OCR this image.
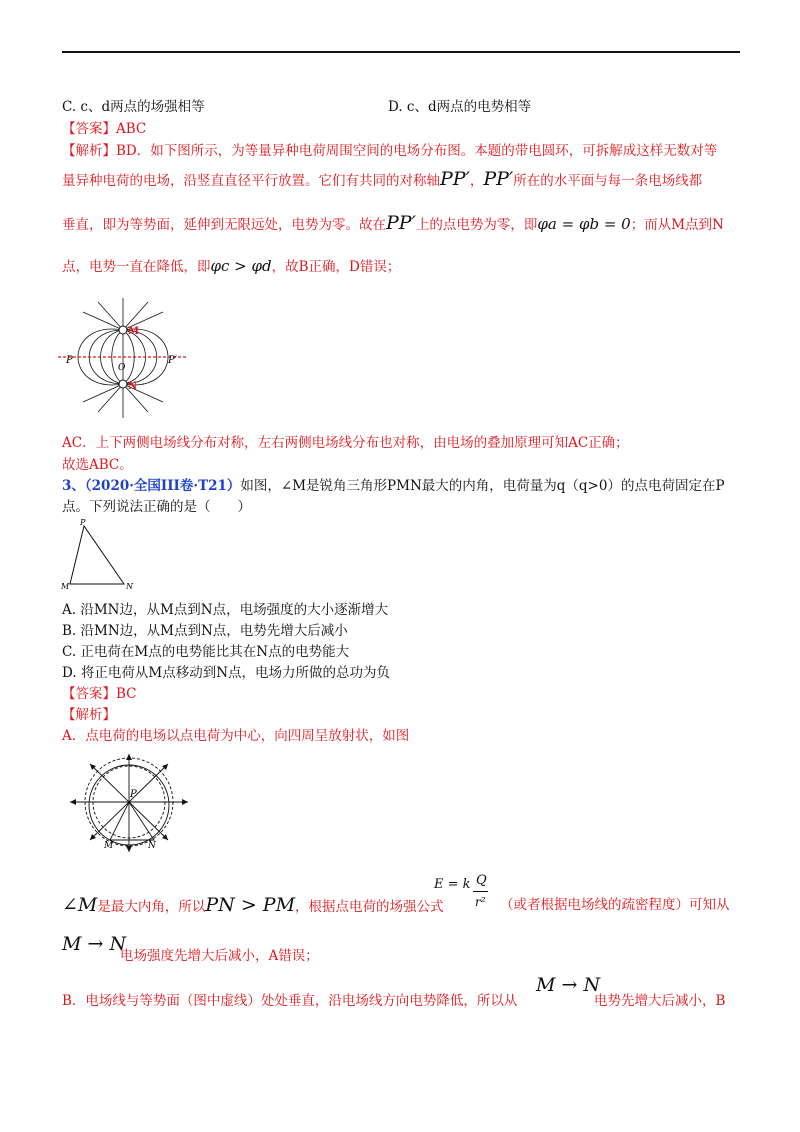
C. c、d两点的场强相等	D. c、d两点的电势相等
【答案】ABC
【解析】BD．如下图所示，为等量异种电荷周围空间的电场分布图。本题的带电圆环，可拆解成这样无数对等
量异种电荷的电场，沿竖直直径平行放置。它们有共同的对称轴PP′，PP′所在的水平面与每一条电场线都
垂直，即为等势面，延伸到无限远处，电势为零。故在PP′上的点电势为零，即φa = φb = 0；而从M点到N
点，电势一直在降低，即φc > φd，故B正确，D错误；
P	P′
M
N
O
AC．上下两侧电场线分布对称，左右两侧电场线分布也对称，由电场的叠加原理可知AC正确；
故选ABC。
3、（2020·全国III卷·T21）如图，∠M是锐角三角形PMN最大的内角，电荷量为q（q>0）的点电荷固定在P
点。下列说法正确的是（　　）
P
M	N
A. 沿MN边，从M点到N点，电场强度的大小逐渐增大
B. 沿MN边，从M点到N点，电势先增大后减小
C. 正电荷在M点的电势能比其在N点的电势能大
D. 将正电荷从M点移动到N点，电场力所做的总功为负
【答案】BC
【解析】
A．点电荷的电场以点电荷为中心，向四周呈放射状，如图
P
M	N
∠M是最大内角，所以PN > PM，根据点电荷的场强公式
E = k Q
r² （或者根据电场线的疏密程度）可知从
M → N
电场强度先增大后减小，A错误；
B．电场线与等势面（图中虚线）处处垂直，沿电场线方向电势降低，所以从
M → N
电势先增大后减小，B
